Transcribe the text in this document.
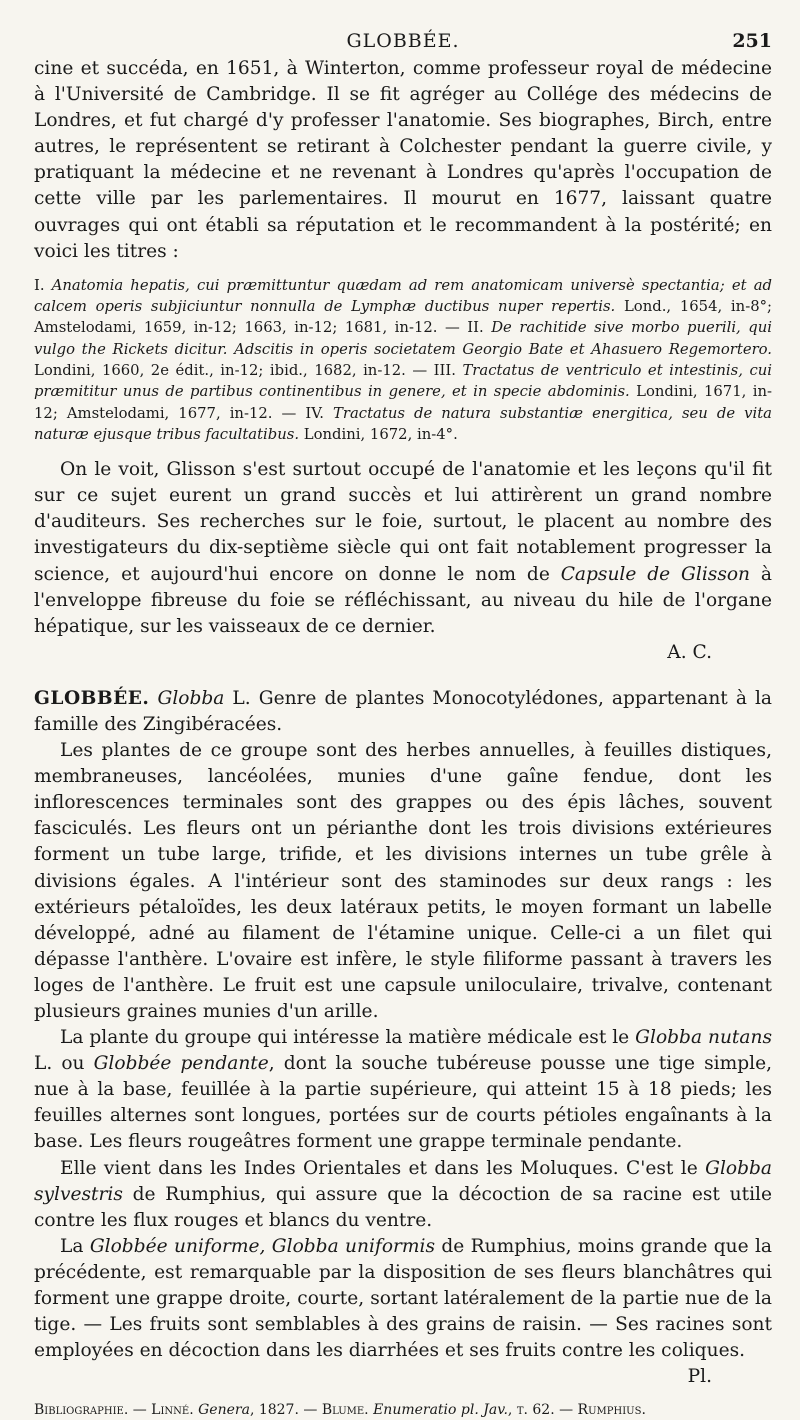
GLOBBÉE.	251

cine et succéda, en 1651, à Winterton, comme professeur royal de médecine à l'Université de Cambridge. Il se fit agréger au Collége des médecins de Londres, et fut chargé d'y professer l'anatomie. Ses biographes, Birch, entre autres, le représentent se retirant à Colchester pendant la guerre civile, y pratiquant la médecine et ne revenant à Londres qu'après l'occupation de cette ville par les parlementaires. Il mourut en 1677, laissant quatre ouvrages qui ont établi sa réputation et le recommandent à la postérité; en voici les titres :

I. Anatomia hepatis, cui præmittuntur quædam ad rem anatomicam universè spectantia; et ad calcem operis subjiciuntur nonnulla de Lymphæ ductibus nuper repertis. Lond., 1654, in-8°; Amstelodami, 1659, in-12; 1663, in-12; 1681, in-12. — II. De rachitide sive morbo puerili, qui vulgo the Rickets dicitur. Adscitis in operis societatem Georgio Bate et Ahasuero Regemortero. Londini, 1660, 2e édit., in-12; ibid., 1682, in-12. — III. Tractatus de ventriculo et intestinis, cui præmititur unus de partibus continentibus in genere, et in specie abdominis. Londini, 1671, in-12; Amstelodami, 1677, in-12. — IV. Tractatus de natura substantiæ energitica, seu de vita naturæ ejusque tribus facultatibus. Londini, 1672, in-4°.

On le voit, Glisson s'est surtout occupé de l'anatomie et les leçons qu'il fit sur ce sujet eurent un grand succès et lui attirèrent un grand nombre d'auditeurs. Ses recherches sur le foie, surtout, le placent au nombre des investigateurs du dix-septième siècle qui ont fait notablement progresser la science, et aujourd'hui encore on donne le nom de Capsule de Glisson à l'enveloppe fibreuse du foie se réfléchissant, au niveau du hile de l'organe hépatique, sur les vaisseaux de ce dernier.

A. C.

GLOBBÉE. Globba L. Genre de plantes Monocotylédones, appartenant à la famille des Zingibéracées.

Les plantes de ce groupe sont des herbes annuelles, à feuilles distiques, membraneuses, lancéolées, munies d'une gaîne fendue, dont les inflorescences terminales sont des grappes ou des épis lâches, souvent fasciculés. Les fleurs ont un périanthe dont les trois divisions extérieures forment un tube large, trifide, et les divisions internes un tube grêle à divisions égales. A l'intérieur sont des staminodes sur deux rangs : les extérieurs pétaloïdes, les deux latéraux petits, le moyen formant un labelle développé, adné au filament de l'étamine unique. Celle-ci a un filet qui dépasse l'anthère. L'ovaire est infère, le style filiforme passant à travers les loges de l'anthère. Le fruit est une capsule uniloculaire, trivalve, contenant plusieurs graines munies d'un arille.

La plante du groupe qui intéresse la matière médicale est le Globba nutans L. ou Globbée pendante, dont la souche tubéreuse pousse une tige simple, nue à la base, feuillée à la partie supérieure, qui atteint 15 à 18 pieds; les feuilles alternes sont longues, portées sur de courts pétioles engaînants à la base. Les fleurs rougeâtres forment une grappe terminale pendante.

Elle vient dans les Indes Orientales et dans les Moluques. C'est le Globba sylvestris de Rumphius, qui assure que la décoction de sa racine est utile contre les flux rouges et blancs du ventre.

La Globbée uniforme, Globba uniformis de Rumphius, moins grande que la précédente, est remarquable par la disposition de ses fleurs blanchâtres qui forment une grappe droite, courte, sortant latéralement de la partie nue de la tige. — Les fruits sont semblables à des grains de raisin. — Ses racines sont employées en décoction dans les diarrhées et ses fruits contre les coliques.

Pl.

Bibliographie. — Linné. Genera, 1827. — Blume. Enumeratio pl. Jav., t. 62. — Rumphius.
